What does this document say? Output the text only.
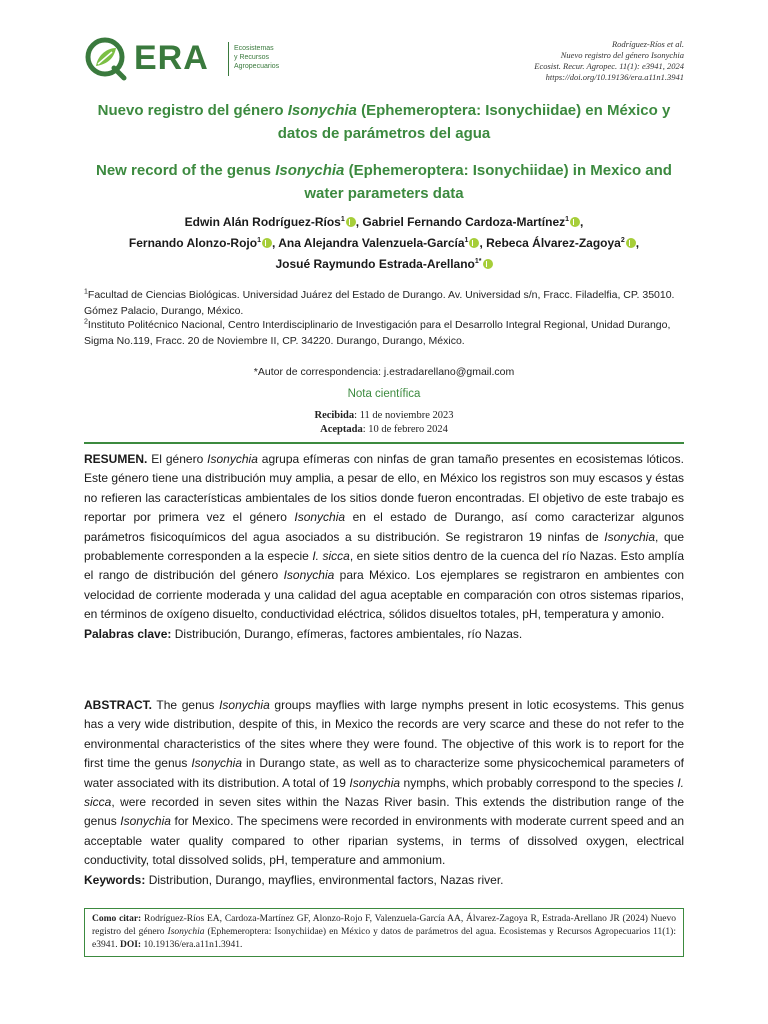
ERA	Ecosistemas
y Recursos
Agropecuarios
Rodríguez-Ríos et al.
Nuevo registro del género Isonychia
Ecosist. Recur. Agropec. 11(1): e3941, 2024
https://doi.org/10.19136/era.a11n1.3941
Nuevo registro del género Isonychia (Ephemeroptera: Isonychiidae) en México y datos de parámetros del agua
New record of the genus Isonychia (Ephemeroptera: Isonychiidae) in Mexico and water parameters data
Edwin Alán Rodríguez-Ríos$^1$ , Gabriel Fernando Cardoza-Martínez$^1$ ,
Fernando Alonzo-Rojo$^1$ , Ana Alejandra Valenzuela-García$^1$ , Rebeca Álvarez-Zagoya$^2$ ,
Josué Raymundo Estrada-Arellano$^{1*}$
$^1$Facultad de Ciencias Biológicas. Universidad Juárez del Estado de Durango. Av. Universidad s/n, Fracc. Filadelfia, CP. 35010. Gómez Palacio, Durango, México.
$^2$Instituto Politécnico Nacional, Centro Interdisciplinario de Investigación para el Desarrollo Integral Regional, Unidad Durango, Sigma No.119, Fracc. 20 de Noviembre II, CP. 34220. Durango, Durango, México.
*Autor de correspondencia: j.estradarellano@gmail.com
Nota científica
Recibida: 11 de noviembre 2023
Aceptada: 10 de febrero 2024
RESUMEN. El género Isonychia agrupa efímeras con ninfas de gran tamaño presentes en ecosistemas lóticos. Este género tiene una distribución muy amplia, a pesar de ello, en México los registros son muy escasos y éstas no refieren las características ambientales de los sitios donde fueron encontradas. El objetivo de este trabajo es reportar por primera vez el género Isonychia en el estado de Durango, así como caracterizar algunos parámetros fisicoquímicos del agua asociados a su distribución. Se registraron 19 ninfas de Isonychia, que probablemente corresponden a la especie I. sicca, en siete sitios dentro de la cuenca del río Nazas. Esto amplía el rango de distribución del género Isonychia para México. Los ejemplares se registraron en ambientes con velocidad de corriente moderada y una calidad del agua aceptable en comparación con otros sistemas riparios, en términos de oxígeno disuelto, conductividad eléctrica, sólidos disueltos totales, pH, temperatura y amonio.
Palabras clave: Distribución, Durango, efímeras, factores ambientales, río Nazas.
ABSTRACT. The genus Isonychia groups mayflies with large nymphs present in lotic ecosystems. This genus has a very wide distribution, despite of this, in Mexico the records are very scarce and these do not refer to the environmental characteristics of the sites where they were found. The objective of this work is to report for the first time the genus Isonychia in Durango state, as well as to characterize some physicochemical parameters of water associated with its distribution. A total of 19 Isonychia nymphs, which probably correspond to the species I. sicca, were recorded in seven sites within the Nazas River basin. This extends the distribution range of the genus Isonychia for Mexico. The specimens were recorded in environments with moderate current speed and an acceptable water quality compared to other riparian systems, in terms of dissolved oxygen, electrical conductivity, total dissolved solids, pH, temperature and ammonium.
Keywords: Distribution, Durango, mayflies, environmental factors, Nazas river.
Como citar: Rodríguez-Ríos EA, Cardoza-Martínez GF, Alonzo-Rojo F, Valenzuela-García AA, Álvarez-Zagoya R, Estrada-Arellano JR (2024) Nuevo registro del género Isonychia (Ephemeroptera: Isonychiidae) en México y datos de parámetros del agua. Ecosistemas y Recursos Agropecuarios 11(1): e3941. DOI: 10.19136/era.a11n1.3941.
